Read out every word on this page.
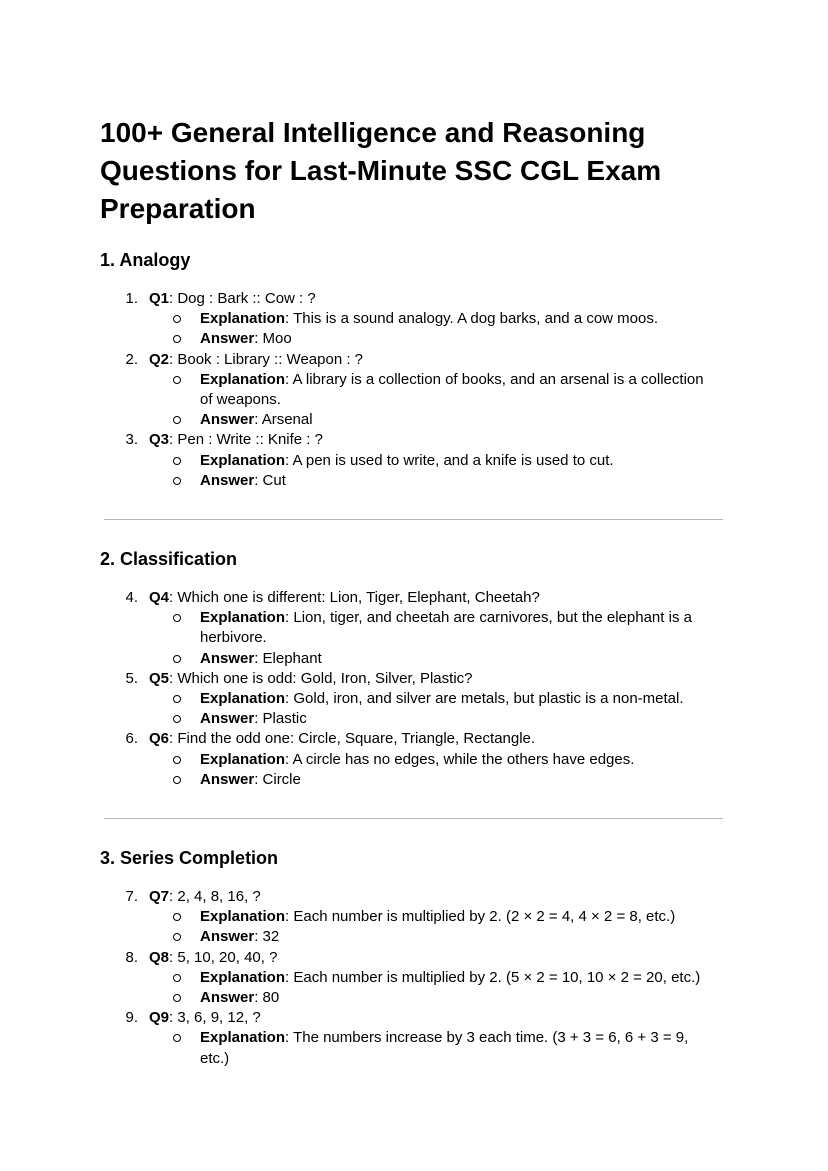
100+ General Intelligence and Reasoning Questions for Last-Minute SSC CGL Exam Preparation
1. Analogy
1. Q1: Dog : Bark :: Cow : ?
Explanation: This is a sound analogy. A dog barks, and a cow moos.
Answer: Moo
2. Q2: Book : Library :: Weapon : ?
Explanation: A library is a collection of books, and an arsenal is a collection of weapons.
Answer: Arsenal
3. Q3: Pen : Write :: Knife : ?
Explanation: A pen is used to write, and a knife is used to cut.
Answer: Cut
2. Classification
4. Q4: Which one is different: Lion, Tiger, Elephant, Cheetah?
Explanation: Lion, tiger, and cheetah are carnivores, but the elephant is a herbivore.
Answer: Elephant
5. Q5: Which one is odd: Gold, Iron, Silver, Plastic?
Explanation: Gold, iron, and silver are metals, but plastic is a non-metal.
Answer: Plastic
6. Q6: Find the odd one: Circle, Square, Triangle, Rectangle.
Explanation: A circle has no edges, while the others have edges.
Answer: Circle
3. Series Completion
7. Q7: 2, 4, 8, 16, ?
Explanation: Each number is multiplied by 2. (2 × 2 = 4, 4 × 2 = 8, etc.)
Answer: 32
8. Q8: 5, 10, 20, 40, ?
Explanation: Each number is multiplied by 2. (5 × 2 = 10, 10 × 2 = 20, etc.)
Answer: 80
9. Q9: 3, 6, 9, 12, ?
Explanation: The numbers increase by 3 each time. (3 + 3 = 6, 6 + 3 = 9, etc.)
